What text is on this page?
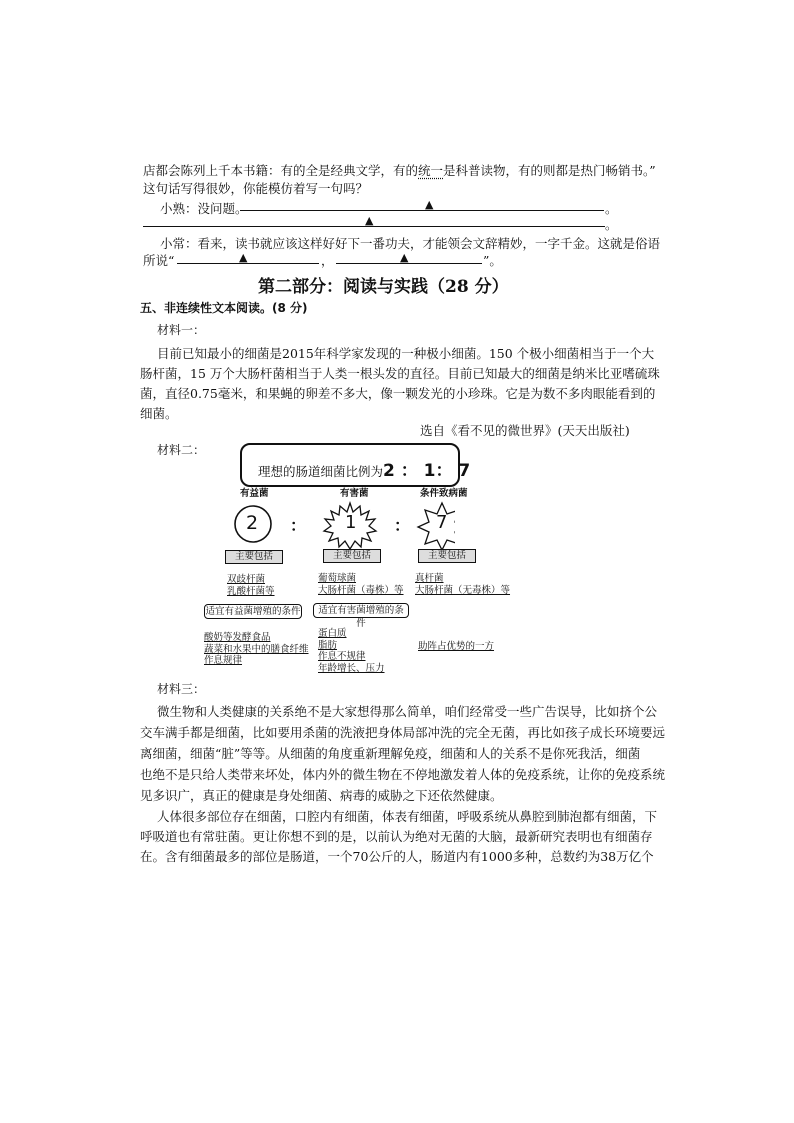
店都会陈列上千本书籍：有的全是经典文学，有的统一是科普读物，有的则都是热门畅销书。”
这句话写得很妙，你能模仿着写一句吗？
小熟：没问题。	▲	。
▲	。
小常：看来，读书就应该这样好好下一番功夫，才能领会文辞精妙，一字千金。这就是俗语
所说“	▲	，	▲	”。
第二部分：阅读与实践（28 分）
五、非连续性文本阅读。(8 分)
材料一：
目前已知最小的细菌是2015年科学家发现的一种极小细菌。150 个极小细菌相当于一个大
肠杆菌，15 万个大肠杆菌相当于人类一根头发的直径。目前已知最大的细菌是纳米比亚嗜硫珠
菌，直径0.75毫米，和果蝇的卵差不多大，像一颗发光的小珍珠。它是为数不多肉眼能看到的
细菌。
选自《看不见的微世界》(天天出版社)
材料二：
理想的肠道细菌比例为2 ： 1： 7
有益菌	有害菌	条件致病菌
2	1	7
：	：
主要包括	主要包括	主要包括
双歧杆菌
乳酸杆菌等
葡萄球菌
大肠杆菌（毒株）等
真杆菌
大肠杆菌（无毒株）等
适宜有益菌增殖的条件	适宜有害菌增殖的条件
酸奶等发酵食品
蔬菜和水果中的膳食纤维
作息规律
蛋白质
脂肪
作息不规律
年龄增长、压力
助阵占优势的一方
材料三：
微生物和人类健康的关系绝不是大家想得那么简单，咱们经常受一些广告误导，比如挤个公
交车满手都是细菌，比如要用杀菌的洗液把身体局部冲洗的完全无菌，再比如孩子成长环境要远
离细菌，细菌“脏”等等。从细菌的角度重新理解免疫，细菌和人的关系不是你死我活，细菌
也绝不是只给人类带来坏处，体内外的微生物在不停地激发着人体的免疫系统，让你的免疫系统
见多识广，真正的健康是身处细菌、病毒的威胁之下还依然健康。
人体很多部位存在细菌，口腔内有细菌，体表有细菌，呼吸系统从鼻腔到肺泡都有细菌，下
呼吸道也有常驻菌。更让你想不到的是，以前认为绝对无菌的大脑，最新研究表明也有细菌存
在。含有细菌最多的部位是肠道，一个70公斤的人，肠道内有1000多种，总数约为38万亿个
